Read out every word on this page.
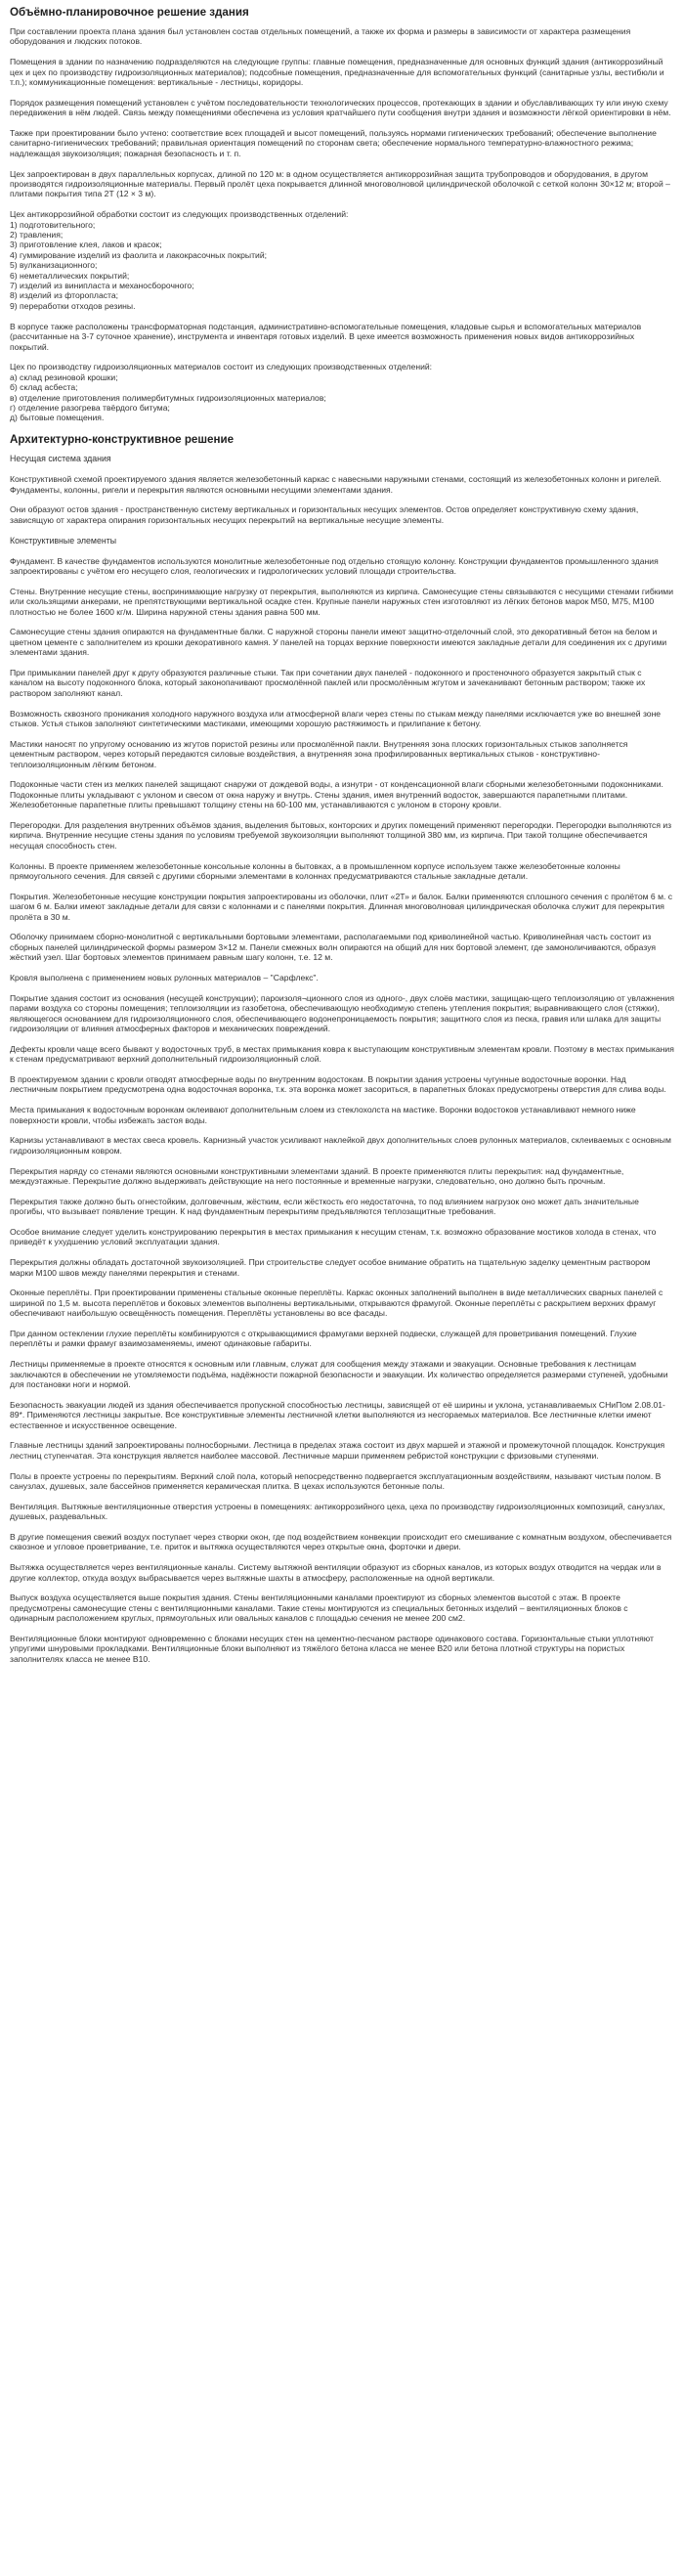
Объёмно-планировочное решение здания

При составлении проекта плана здания был установлен состав отдельных помещений, а также их форма и размеры в зависимости от характера размещения оборудования и людских потоков.

Помещения в здании по назначению подразделяются на следующие группы: главные помещения, предназначенные для основных функций здания (антикоррозийный цех и цех по производству гидроизоляционных материалов); подсобные помещения, предназначенные для вспомогательных функций (санитарные узлы, вестибюли и т.п.); коммуникационные помещения: вертикальные - лестницы, коридоры.

Порядок размещения помещений установлен с учётом последовательности технологических процессов, протекающих в здании и обуславливающих ту или иную схему передвижения в нём людей. Связь между помещениями обеспечена из условия кратчайшего пути сообщения внутри здания и возможности лёгкой ориентировки в нём.

Также при проектировании было учтено: соответствие всех площадей и высот помещений, пользуясь нормами гигиенических требований; обеспечение выполнение санитарно-гигиенических требований; правильная ориентация помещений по сторонам света; обеспечение нормального температурно-влажностного режима; надлежащая звукоизоляция; пожарная безопасность и т. п.

Цех запроектирован в двух параллельных корпусах, длиной по 120 м: в одном осуществляется антикоррозийная защита трубопроводов и оборудования, в другом производятся гидроизоляционные материалы. Первый пролёт цеха покрывается длинной многоволновой цилиндрической оболочкой с сеткой колонн 30×12 м; второй – плитами покрытия типа 2Т (12 × 3 м).

Цех антикоррозийной обработки состоит из следующих производственных отделений:
1) подготовительного;
2) травления;
3) приготовление клея, лаков и красок;
4) гуммирование изделий из фаолита и лакокрасочных покрытий;
5) вулканизационного;
6) неметаллических покрытий;
7) изделий из винипласта и механосборочного;
8) изделий из фторопласта;
9) переработки отходов резины.

В корпусе также расположены трансформаторная подстанция, административно-вспомогательные помещения, кладовые сырья и вспомогательных материалов (рассчитанные на 3-7 суточное хранение), инструмента и инвентаря готовых изделий. В цехе имеется возможность применения новых видов антикоррозийных покрытий.

Цех по производству гидроизоляционных материалов состоит из следующих производственных отделений:
а) склад резиновой крошки;
б) склад асбеста;
в) отделение приготовления полимербитумных гидроизоляционных материалов;
г) отделение разогрева твёрдого битума;
д) бытовые помещения.
Архитектурно-конструктивное решение
Несущая система здания

Конструктивной схемой проектируемого здания является железобетонный каркас с навесными наружными стенами, состоящий из железобетонных колонн и ригелей. Фундаменты, колонны, ригели и перекрытия являются основными несущими элементами здания.

Они образуют остов здания - пространственную систему вертикальных и горизонтальных несущих элементов. Остов определяет конструктивную схему здания, зависящую от характера опирания горизонтальных несущих перекрытий на вертикальные несущие элементы.

Конструктивные элементы

Фундамент. В качестве фундаментов используются монолитные железобетонные под отдельно стоящую колонну. Конструкции фундаментов промышленного здания запроектированы с учётом его несущего слоя, геологических и гидрологических условий площади строительства.

Стены. Внутренние несущие стены, воспринимающие нагрузку от перекрытия, выполняются из кирпича. Самонесущие стены связываются с несущими стенами гибкими или скользящими анкерами, не препятствующими вертикальной осадке стен. Крупные панели наружных стен изготовляют из лёгких бетонов марок М50, М75, М100 плотностью не более 1600 кг/м. Ширина наружной стены здания равна 500 мм.

Самонесущие стены здания опираются на фундаментные балки. С наружной стороны панели имеют защитно-отделочный слой, это декоративный бетон на белом и цветном цементе с заполнителем из крошки декоративного камня. У панелей на торцах верхние поверхности имеются закладные детали для соединения их с другими элементами здания.

При примыкании панелей друг к другу образуются различные стыки. Так при сочетании двух панелей - подоконного и простеночного образуется закрытый стык с каналом на высоту подоконного блока, который законопачивают просмолённой паклей или просмолённым жгутом и зачеканивают бетонным раствором; также их раствором заполняют канал.

Возможность сквозного проникания холодного наружного воздуха или атмосферной влаги через стены по стыкам между панелями исключается уже во внешней зоне стыков. Устья стыков заполняют синтетическими мастиками, имеющими хорошую растяжимость и прилипание к бетону.

Мастики наносят по упругому основанию из жгутов пористой резины или просмолённой пакли. Внутренняя зона плоских горизонтальных стыков заполняется цементным раствором, через который передаются силовые воздействия, а внутренняя зона профилированных вертикальных стыков - конструктивно-теплоизоляционным лёгким бетоном.

Подоконные части стен из мелких панелей защищают снаружи от дождевой воды, а изнутри - от конденсационной влаги сборными железобетонными подоконниками. Подоконные плиты укладывают с уклоном и свесом от окна наружу и внутрь. Стены здания, имея внутренний водосток, завершаются парапетными плитами. Железобетонные парапетные плиты превышают толщину стены на 60-100 мм, устанавливаются с уклоном в сторону кровли.

Перегородки. Для разделения внутренних объёмов здания, выделения бытовых, конторских и других помещений применяют перегородки. Перегородки выполняются из кирпича. Внутренние несущие стены здания по условиям требуемой звукоизоляции выполняют толщиной 380 мм, из кирпича. При такой толщине обеспечивается несущая способность стен.

Колонны. В проекте применяем железобетонные консольные колонны в бытовках, а в промышленном корпусе используем также железобетонные колонны прямоугольного сечения. Для связей с другими сборными элементами в колоннах предусматриваются стальные закладные детали.

Покрытия. Железобетонные несущие конструкции покрытия запроектированы из оболочки, плит «2Т» и балок. Балки применяются сплошного сечения с пролётом 6 м. с шагом 6 м. Балки имеют закладные детали для связи с колоннами и с панелями покрытия. Длинная многоволновая цилиндрическая оболочка служит для перекрытия пролёта в 30 м.

Оболочку принимаем сборно-монолитной с вертикальными бортовыми элементами, располагаемыми под криволинейной частью. Криволинейная часть состоит из сборных панелей цилиндрической формы размером 3×12 м. Панели смежных волн опираются на общий для них бортовой элемент, где замоноличиваются, образуя жёсткий узел. Шаг бортовых элементов принимаем равным шагу колонн, т.е. 12 м.

Кровля выполнена с применением новых рулонных материалов – "Сарфлекс".

Покрытие здания состоит из основания (несущей конструкции); пароизоля¬ционного слоя из одного-, двух слоёв мастики, защищаю-щего теплоизоляцию от увлажнения парами воздуха со стороны помещения; теплоизоляции из газобетона, обеспечивающую необходимую степень утепления покрытия; выравнивающего слоя (стяжки), являющегося основанием для гидроизоляционного слоя, обеспечивающего водонепроницаемость покрытия; защитного слоя из песка, гравия или шлака для защиты гидроизоляции от влияния атмосферных факторов и механических повреждений.

Дефекты кровли чаще всего бывают у водосточных труб, в местах примыкания ковра к выступающим конструктивным элементам кровли. Поэтому в местах примыкания к стенам предусматривают верхний дополнительный гидроизоляционный слой.

В проектируемом здании с кровли отводят атмосферные воды по внутренним водостокам. В покрытии здания устроены чугунные водосточные воронки. Над лестничным покрытием предусмотрена одна водосточная воронка, т.к. эта воронка может засориться, в парапетных блоках предусмотрены отверстия для слива воды.

Места примыкания к водосточным воронкам оклеивают дополнительным слоем из стеклохолста на мастике. Воронки водостоков устанавливают немного ниже поверхности кровли, чтобы избежать застоя воды.

Карнизы устанавливают в местах свеса кровель. Карнизный участок усиливают наклейкой двух дополнительных слоев рулонных материалов, склеиваемых с основным гидроизоляционным ковром.

Перекрытия наряду со стенами являются основными конструктивными элементами зданий. В проекте применяются плиты перекрытия: над фундаментные, междуэтажные. Перекрытие должно выдерживать действующие на него постоянные и временные нагрузки, следовательно, оно должно быть прочным.

Перекрытия также должно быть огнестойким, долговечным, жёстким, если жёсткость его недостаточна, то под влиянием нагрузок оно может дать значительные прогибы, что вызывает появление трещин. К над фундаментным перекрытиям предъявляются теплозащитные требования.

Особое внимание следует уделить конструированию перекрытия в местах примыкания к несущим стенам, т.к. возможно образование мостиков холода в стенах, что приведёт к ухудшению условий эксплуатации здания.

Перекрытия должны обладать достаточной звукоизоляцией. При строительстве следует особое внимание обратить на тщательную заделку цементным раствором марки М100 швов между панелями перекрытия и стенами.

Оконные переплёты. При проектировании применены стальные оконные переплёты. Каркас оконных заполнений выполнен в виде металлических сварных панелей с шириной по 1,5 м. высота переплётов и боковых элементов выполнены вертикальными, открываются фрамугой. Оконные переплёты с раскрытием верхних фрамуг обеспечивают наибольшую освещённость помещения. Переплёты установлены во все фасады.

При данном остеклении глухие переплёты комбинируются с открывающимися фрамугами верхней подвески, служащей для проветривания помещений. Глухие переплёты и рамки фрамуг взаимозаменяемы, имеют одинаковые габариты.

Лестницы применяемые в проекте относятся к основным или главным, служат для сообщения между этажами и эвакуации. Основные требования к лестницам заключаются в обеспечении не утомляемости подъёма, надёжности пожарной безопасности и эвакуации. Их количество определяется размерами ступеней, удобными для постановки ноги и нормой.

Безопасность эвакуации людей из здания обеспечивается пропускной способностью лестницы, зависящей от её ширины и уклона, устанавливаемых СНиПом 2.08.01-89*. Применяются лестницы закрытые. Все конструктивные элементы лестничной клетки выполняются из несгораемых материалов. Все лестничные клетки имеют естественное и искусственное освещение.

Главные лестницы зданий запроектированы полносборными. Лестница в пределах этажа состоит из двух маршей и этажной и промежуточной площадок. Конструкция лестниц ступенчатая. Эта конструкция является наиболее массовой. Лестничные марши применяем ребристой конструкции с фризовыми ступенями.

Полы в проекте устроены по перекрытиям. Верхний слой пола, который непосредственно подвергается эксплуатационным воздействиям, называют чистым полом. В санузлах, душевых, зале бассейнов применяется керамическая плитка. В цехах используются бетонные полы.

Вентиляция. Вытяжные вентиляционные отверстия устроены в помещениях: антикоррозийного цеха, цеха по производству гидроизоляционных композиций, санузлах, душевых, раздевальных.

В другие помещения свежий воздух поступает через створки окон, где под воздействием конвекции происходит его смешивание с комнатным воздухом, обеспечивается сквозное и угловое проветривание, т.е. приток и вытяжка осуществляются через открытые окна, форточки и двери.

Вытяжка осуществляется через вентиляционные каналы. Систему вытяжной вентиляции образуют из сборных каналов, из которых воздух отводится на чердак или в другие коллектор, откуда воздух выбрасывается через вытяжные шахты в атмосферу, расположенные на одной вертикали.

Выпуск воздуха осуществляется выше покрытия здания. Стены вентиляционными каналами проектируют из сборных элементов высотой с этаж. В проекте предусмотрены самонесущие стены с вентиляционными каналами. Такие стены монтируются из специальных бетонных изделий – вентиляционных блоков с одинарным расположением круглых, прямоугольных или овальных каналов с площадью сечения не менее 200 см2.

Вентиляционные блоки монтируют одновременно с блоками несущих стен на цементно-песчаном растворе одинакового состава. Горизонтальные стыки уплотняют упругими шнуровыми прокладками. Вентиляционные блоки выполняют из тяжёлого бетона класса не менее В20 или бетона плотной структуры на пористых заполнителях класса не менее В10.
